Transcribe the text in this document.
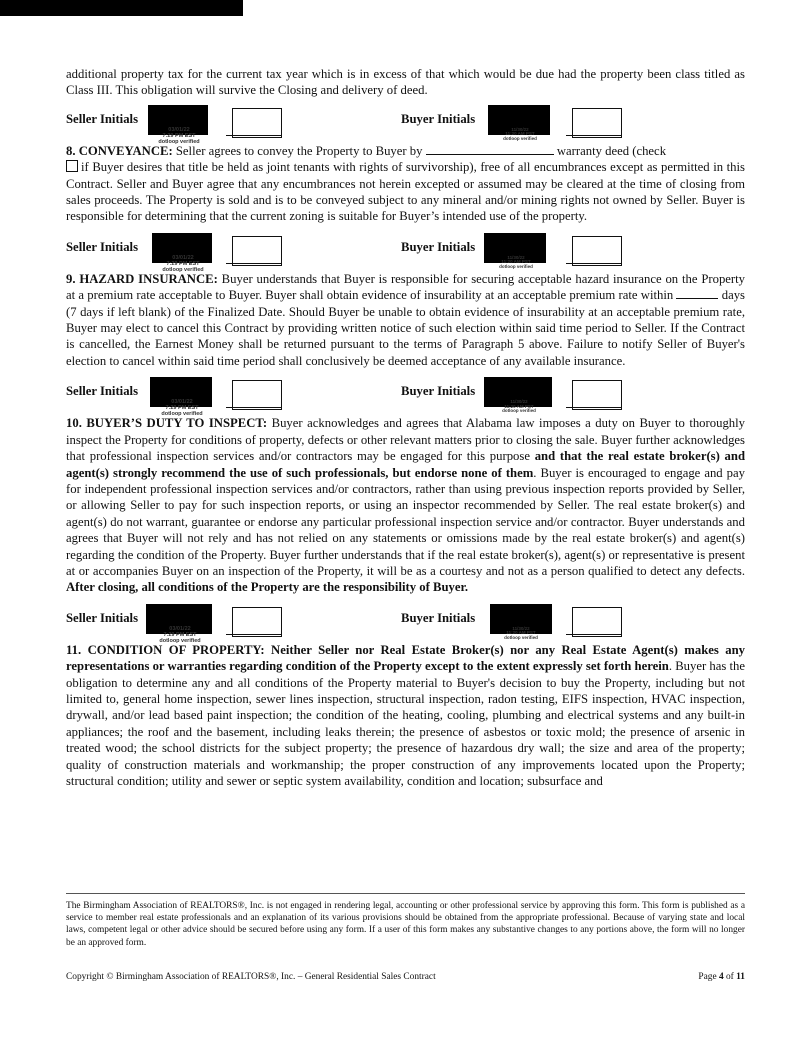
additional property tax for the current tax year which is in excess of that which would be due had the property been class titled as Class III. This obligation will survive the Closing and delivery of deed.

Seller Initials
03/01/22
7:29 PM EST
dotloop verified
Buyer Initials
11/30/22
11:20 AM PST
dotloop verified

8. CONVEYANCE: Seller agrees to convey the Property to Buyer by	warranty deed (check
if Buyer desires that title be held as joint tenants with rights of survivorship), free of all encumbrances except as permitted in this Contract. Seller and Buyer agree that any encumbrances not herein excepted or assumed may be cleared at the time of closing from sales proceeds. The Property is sold and is to be conveyed subject to any mineral and/or mining rights not owned by Seller. Buyer is responsible for determining that the current zoning is suitable for Buyer’s intended use of the property.

Seller Initials
03/01/22
7:29 PM EST
dotloop verified
Buyer Initials
11/30/22
11:20 AM PST
dotloop verified

9. HAZARD INSURANCE: Buyer understands that Buyer is responsible for securing acceptable hazard insurance on the Property at a premium rate acceptable to Buyer. Buyer shall obtain evidence of insurability at an acceptable premium rate within	days (7 days if left blank) of the Finalized Date. Should Buyer be unable to obtain evidence of insurability at an acceptable premium rate, Buyer may elect to cancel this Contract by providing written notice of such election within said time period to Seller. If the Contract is cancelled, the Earnest Money shall be returned pursuant to the terms of Paragraph 5 above. Failure to notify Seller of Buyer's election to cancel within said time period shall conclusively be deemed acceptance of any available insurance.

Seller Initials
03/01/22
7:29 PM EST
dotloop verified
Buyer Initials
11/30/22
11:20 AM PST
dotloop verified

10. BUYER’S DUTY TO INSPECT: Buyer acknowledges and agrees that Alabama law imposes a duty on Buyer to thoroughly inspect the Property for conditions of property, defects or other relevant matters prior to closing the sale. Buyer further acknowledges that professional inspection services and/or contractors may be engaged for this purpose and that the real estate broker(s) and agent(s) strongly recommend the use of such professionals, but endorse none of them. Buyer is encouraged to engage and pay for independent professional inspection services and/or contractors, rather than using previous inspection reports provided by Seller, or allowing Seller to pay for such inspection reports, or using an inspector recommended by Seller. The real estate broker(s) and agent(s) do not warrant, guarantee or endorse any particular professional inspection service and/or contractor. Buyer understands and agrees that Buyer will not rely and has not relied on any statements or omissions made by the real estate broker(s) and agent(s) regarding the condition of the Property. Buyer further understands that if the real estate broker(s), agent(s) or representative is present at or accompanies Buyer on an inspection of the Property, it will be as a courtesy and not as a person qualified to detect any defects. After closing, all conditions of the Property are the responsibility of Buyer.

Seller Initials
03/01/22
7:29 PM EST
dotloop verified
Buyer Initials
11/30/22
11:20 AM PST
dotloop verified

11. CONDITION OF PROPERTY: Neither Seller nor Real Estate Broker(s) nor any Real Estate Agent(s) makes any representations or warranties regarding condition of the Property except to the extent expressly set forth herein. Buyer has the obligation to determine any and all conditions of the Property material to Buyer's decision to buy the Property, including but not limited to, general home inspection, sewer lines inspection, structural inspection, radon testing, EIFS inspection, HVAC inspection, drywall, and/or lead based paint inspection; the condition of the heating, cooling, plumbing and electrical systems and any built-in appliances; the roof and the basement, including leaks therein; the presence of asbestos or toxic mold; the presence of arsenic in treated wood; the school districts for the subject property; the presence of hazardous dry wall; the size and area of the property; quality of construction materials and workmanship; the proper construction of any improvements located upon the Property; structural condition; utility and sewer or septic system availability, condition and location; subsurface and

The Birmingham Association of REALTORS®, Inc. is not engaged in rendering legal, accounting or other professional service by approving this form. This form is published as a service to member real estate professionals and an explanation of its various provisions should be obtained from the appropriate professional. Because of varying state and local laws, competent legal or other advice should be secured before using any form. If a user of this form makes any substantive changes to any portions above, the form will no longer be an approved form.
Copyright © Birmingham Association of REALTORS®, Inc. – General Residential Sales Contract	Page 4 of 11
